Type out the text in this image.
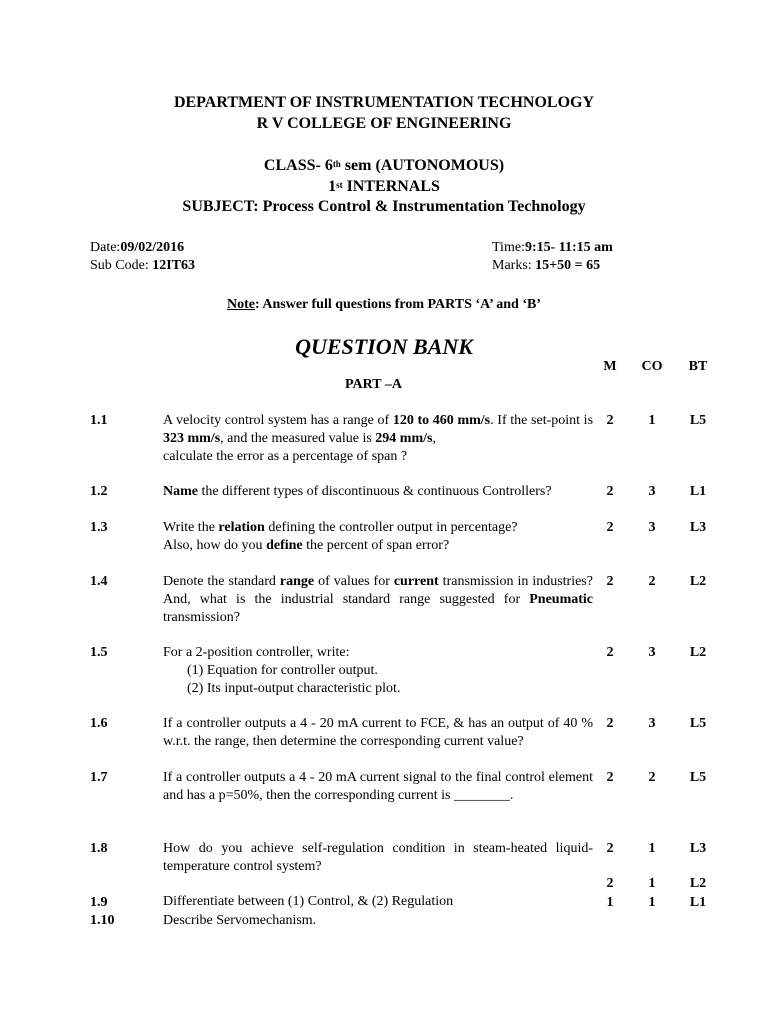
DEPARTMENT OF INSTRUMENTATION TECHNOLOGY
R V COLLEGE OF ENGINEERING
CLASS- 6th sem (AUTONOMOUS)
1st INTERNALS
SUBJECT: Process Control & Instrumentation Technology
Date:09/02/2016
Sub Code: 12IT63
Time:9:15- 11:15 am
Marks: 15+50 = 65
Note: Answer full questions from PARTS ‘A’ and ‘B’
QUESTION BANK
M	CO	BT
PART –A
1.1	A velocity control system has a range of 120 to 460 mm/s. If the set-point is 323 mm/s, and the measured value is 294 mm/s,
calculate the error as a percentage of span ?
2	1	L5
1.2	Name the different types of discontinuous & continuous Controllers?	2	3	L1
1.3	Write the relation defining the controller output in percentage?
Also, how do you define the percent of span error?
2	3	L3
1.4	Denote the standard range of values for current transmission in industries? And, what is the industrial standard range suggested for Pneumatic transmission?
2	2	L2
1.5	For a 2-position controller, write:
(1) Equation for controller output.
(2) Its input-output characteristic plot.
2	3	L2
1.6	If a controller outputs a 4 - 20 mA current to FCE, & has an output of 40 % w.r.t. the range, then determine the corresponding current value?
2	3	L5
1.7	If a controller outputs a 4 - 20 mA current signal to the final control element and has a p=50%, then the corresponding current is ________.
2	2	L5
1.8	How do you achieve self-regulation condition in steam-heated liquid-temperature control system?
2	1	L3
2	1	L2
1.9	Differentiate between (1) Control, & (2) Regulation	1	1	L1
1.10	Describe Servomechanism.
